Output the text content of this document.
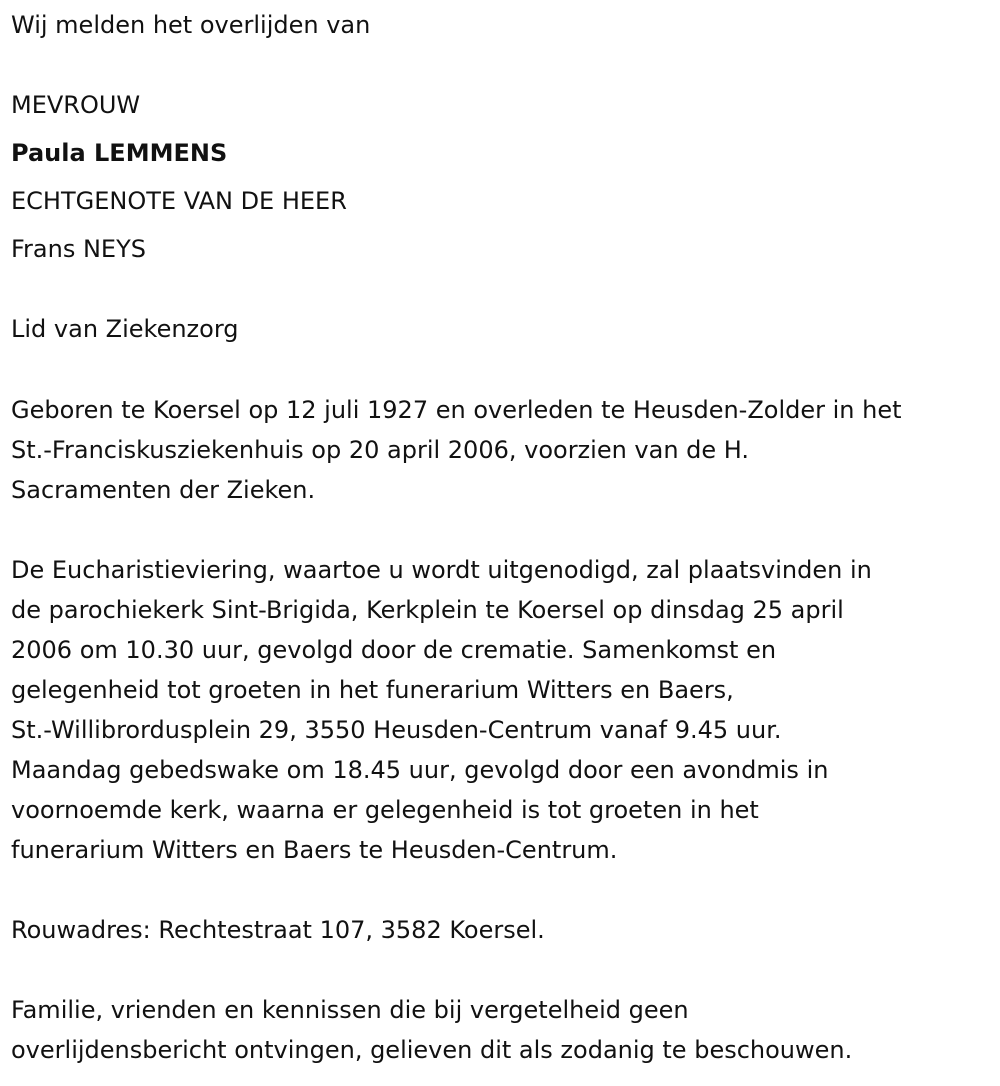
Wij melden het overlijden van

MEVROUW

Paula LEMMENS

ECHTGENOTE VAN DE HEER

Frans NEYS

Lid van Ziekenzorg

Geboren te Koersel op 12 juli 1927 en overleden te Heusden-Zolder in het

St.-Franciskusziekenhuis op 20 april 2006, voorzien van de H.

Sacramenten der Zieken.

De Eucharistieviering, waartoe u wordt uitgenodigd, zal plaatsvinden in

de parochiekerk Sint-Brigida, Kerkplein te Koersel op dinsdag 25 april

2006 om 10.30 uur, gevolgd door de crematie. Samenkomst en

gelegenheid tot groeten in het funerarium Witters en Baers,

St.-Willibrordusplein 29, 3550 Heusden-Centrum vanaf 9.45 uur.

Maandag gebedswake om 18.45 uur, gevolgd door een avondmis in

voornoemde kerk, waarna er gelegenheid is tot groeten in het

funerarium Witters en Baers te Heusden-Centrum.

Rouwadres: Rechtestraat 107, 3582 Koersel.

Familie, vrienden en kennissen die bij vergetelheid geen

overlijdensbericht ontvingen, gelieven dit als zodanig te beschouwen.
